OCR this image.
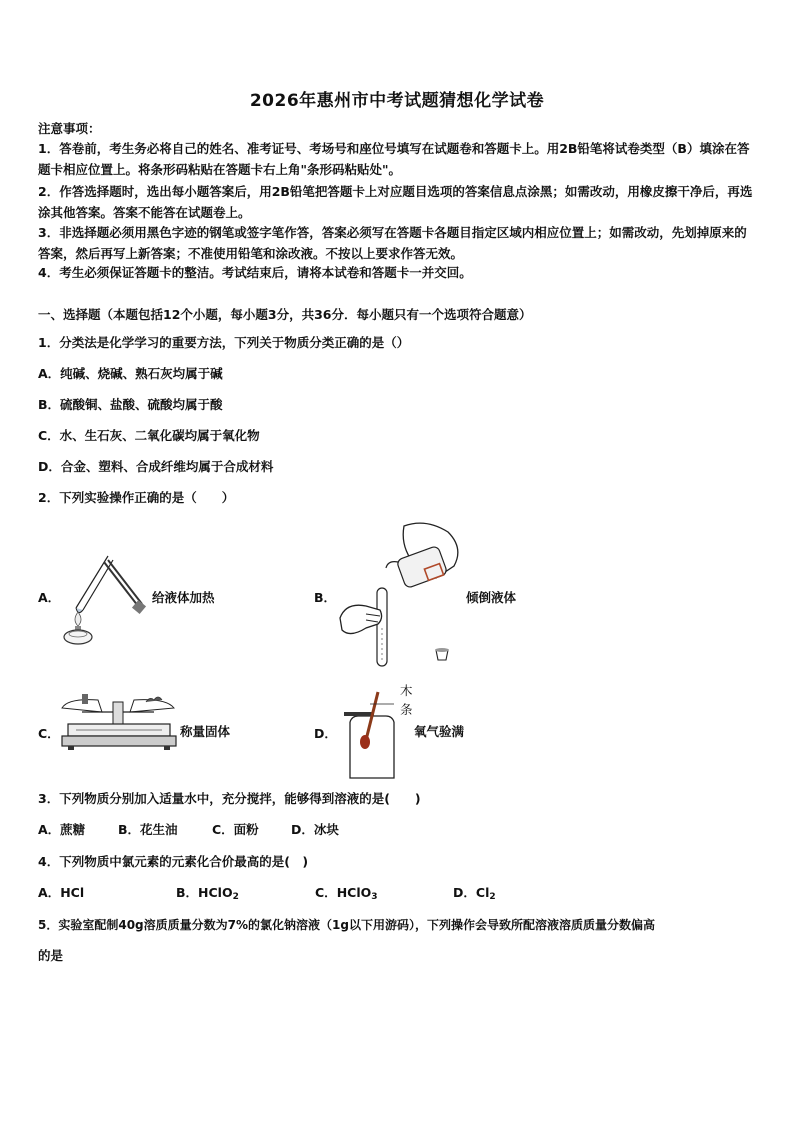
2026年惠州市中考试题猜想化学试卷
注意事项：
1．答卷前，考生务必将自己的姓名、准考证号、考场号和座位号填写在试题卷和答题卡上。用2B铅笔将试卷类型（B）填涂在答题卡相应位置上。将条形码粘贴在答题卡右上角"条形码粘贴处"。
2．作答选择题时，选出每小题答案后，用2B铅笔把答题卡上对应题目选项的答案信息点涂黑；如需改动，用橡皮擦干净后，再选涂其他答案。答案不能答在试题卷上。
3．非选择题必须用黑色字迹的钢笔或签字笔作答，答案必须写在答题卡各题目指定区域内相应位置上；如需改动，先划掉原来的答案，然后再写上新答案；不准使用铅笔和涂改液。不按以上要求作答无效。
4．考生必须保证答题卡的整洁。考试结束后，请将本试卷和答题卡一并交回。
一、选择题（本题包括12个小题，每小题3分，共36分．每小题只有一个选项符合题意）
1．分类法是化学学习的重要方法，下列关于物质分类正确的是（）
A．纯碱、烧碱、熟石灰均属于碱
B．硫酸铜、盐酸、硫酸均属于酸
C．水、生石灰、二氧化碳均属于氧化物
D．合金、塑料、合成纤维均属于合成材料
2．下列实验操作正确的是（　　）
A．	给液体加热	B．	倾倒液体
C．	称量固体	D．
木
条
氧气验满
3．下列物质分别加入适量水中，充分搅拌，能够得到溶液的是(　　)
A．蔗糖	B．花生油	C．面粉	D．冰块
4．下列物质中氯元素的元素化合价最高的是(　)
A．HCl	B．HClO$_2$	C．HClO$_3$	D．$Cl_2$
5．实验室配制40g溶质质量分数为7%的氯化钠溶液（1g以下用游码），下列操作会导致所配溶液溶质质量分数偏高
的是
